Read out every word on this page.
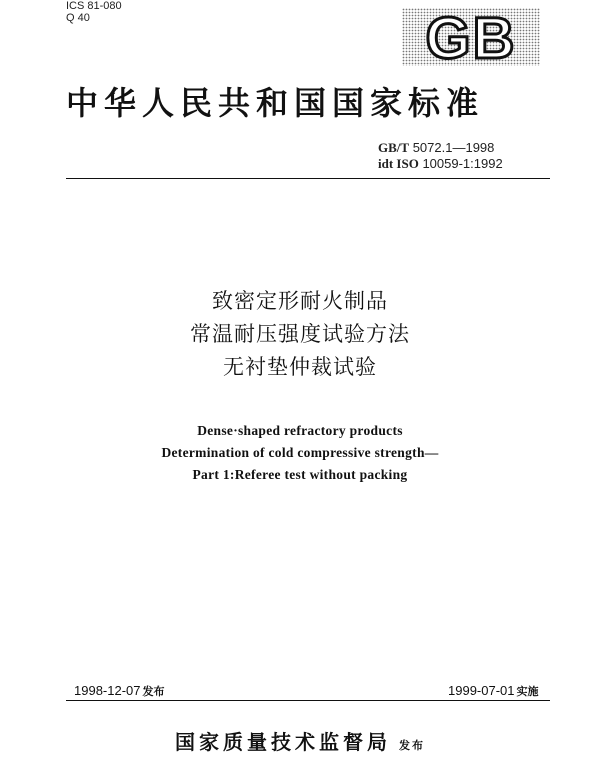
ICS 81-080
Q 40	GB
中华人民共和国国家标准
GB/T 5072.1—1998
idt ISO 10059-1:1992
致密定形耐火制品
常温耐压强度试验方法
无衬垫仲裁试验
Dense·shaped refractory products
Determination of cold compressive strength—
Part 1:Referee test without packing
1998-12-07 发布	1999-07-01 实施
国家质量技术监督局 发布
